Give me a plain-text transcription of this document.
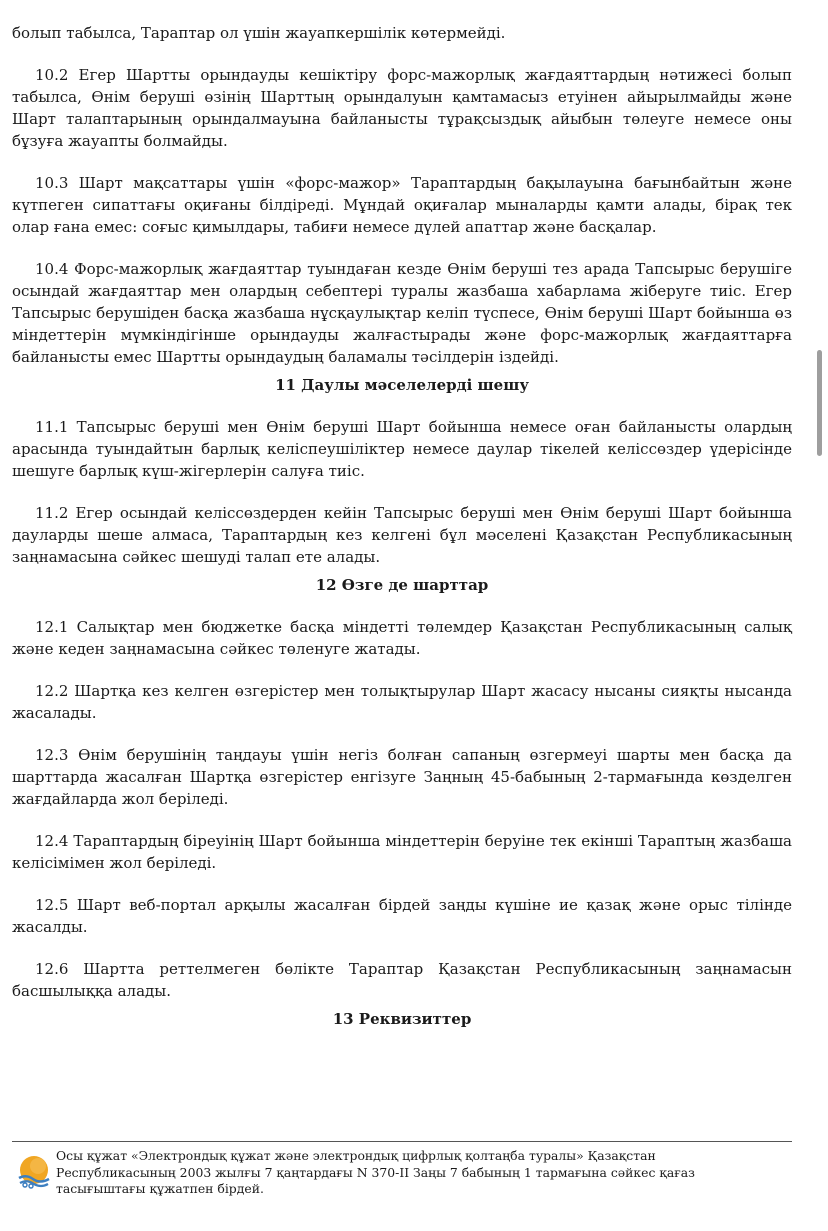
болып табылса, Тараптар ол үшін жауапкершілік көтермейді.

10.2 Егер Шартты орындауды кешіктіру форс-мажорлық жағдаяттардың нәтижесі болып табылса, Өнім беруші өзінің Шарттың орындалуын қамтамасыз етуінен айырылмайды және Шарт талаптарының орындалмауына байланысты тұрақсыздық айыбын төлеуге немесе оны бұзуға жауапты болмайды.

10.3 Шарт мақсаттары үшін «форс-мажор» Тараптардың бақылауына бағынбайтын және күтпеген сипаттағы оқиғаны білдіреді. Мұндай оқиғалар мыналарды қамти алады, бірақ тек олар ғана емес: соғыс қимылдары, табиғи немесе дүлей апаттар және басқалар.

10.4 Форс-мажорлық жағдаяттар туындаған кезде Өнім беруші тез арада Тапсырыс берушіге осындай жағдаяттар мен олардың себептері туралы жазбаша хабарлама жіберуге тиіс. Егер Тапсырыс берушіден басқа жазбаша нұсқаулықтар келіп түспесе, Өнім беруші Шарт бойынша өз міндеттерін мүмкіндігінше орындауды жалғастырады және форс-мажорлық жағдаяттарға байланысты емес Шартты орындаудың баламалы тәсілдерін іздейді.

11 Даулы мәселелерді шешу

11.1 Тапсырыс беруші мен Өнім беруші Шарт бойынша немесе оған байланысты олардың арасында туындайтын барлық келіспеушіліктер немесе даулар тікелей келіссөздер үдерісінде шешуге барлық күш-жігерлерін салуға тиіс.

11.2 Егер осындай келіссөздерден кейін Тапсырыс беруші мен Өнім беруші Шарт бойынша дауларды шеше алмаса, Тараптардың кез келгені бұл мәселені Қазақстан Республикасының заңнамасына сәйкес шешуді талап ете алады.

12 Өзге де шарттар

12.1 Салықтар мен бюджетке басқа міндетті төлемдер Қазақстан Республикасының салық және кеден заңнамасына сәйкес төленуге жатады.

12.2 Шартқа кез келген өзгерістер мен толықтырулар Шарт жасасу нысаны сияқты нысанда жасалады.

12.3 Өнім берушінің таңдауы үшін негіз болған сапаның өзгермеуі шарты мен басқа да шарттарда жасалған Шартқа өзгерістер енгізуге Заңның 45-бабының 2-тармағында көзделген жағдайларда жол беріледі.

12.4 Тараптардың біреуінің Шарт бойынша міндеттерін беруіне тек екінші Тараптың жазбаша келісімімен жол беріледі.

12.5 Шарт веб-портал арқылы жасалған бірдей заңды күшіне ие қазақ және орыс тілінде жасалды.

12.6 Шартта реттелмеген бөлікте Тараптар Қазақстан Республикасының заңнамасын басшылыққа алады.

13 Реквизиттер
Осы құжат «Электрондық құжат және электрондық цифрлық қолтаңба туралы» Қазақстан Республикасының 2003 жылғы 7 қаңтардағы N 370-II Заңы 7 бабының 1 тармағына сәйкес қағаз тасығыштағы құжатпен бірдей.
